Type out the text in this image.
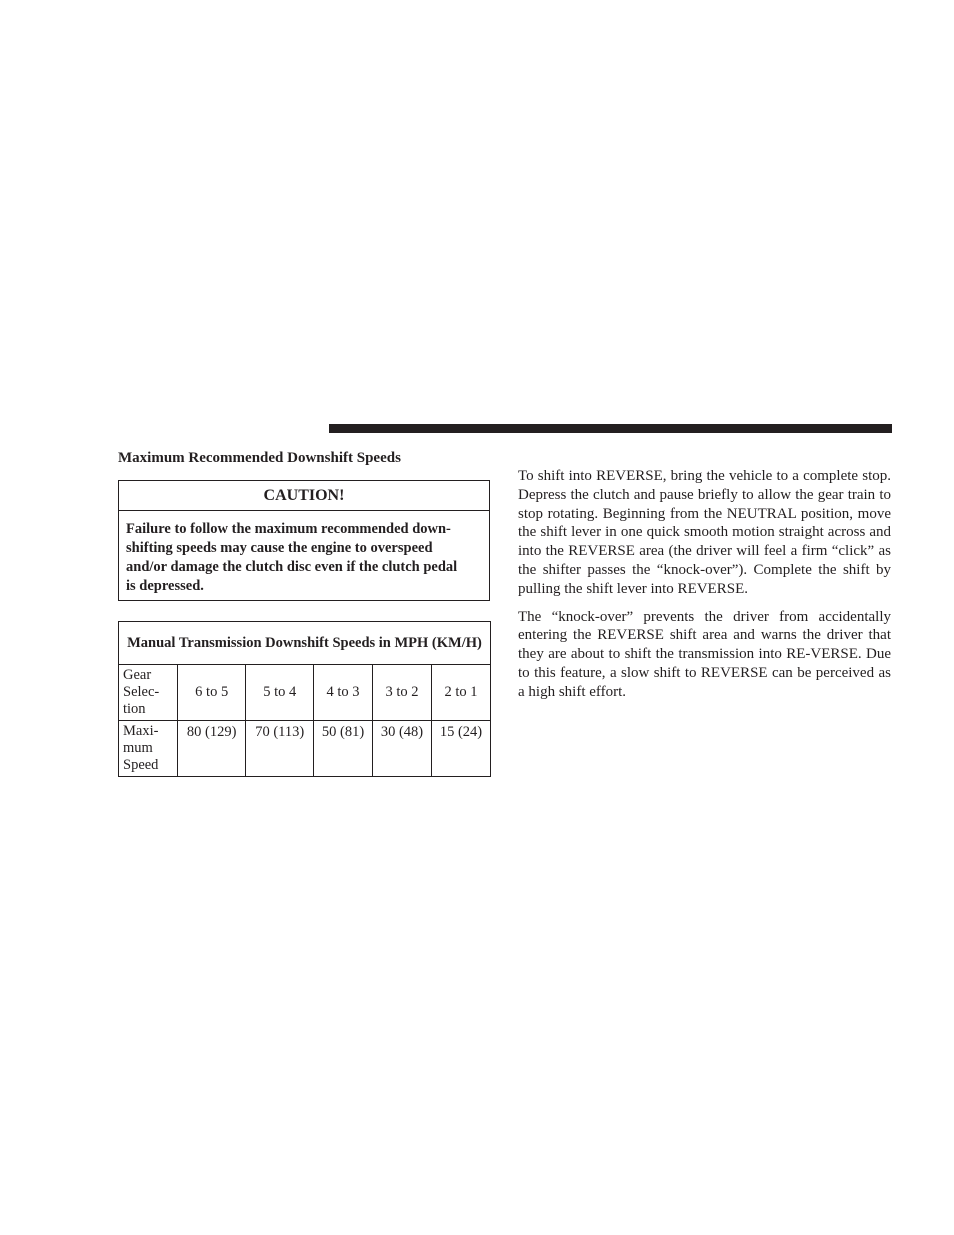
Maximum Recommended Downshift Speeds
CAUTION!
Failure to follow the maximum recommended down-
shifting speeds may cause the engine to overspeed
and/or damage the clutch disc even if the clutch pedal
is depressed.
Manual Transmission Downshift Speeds in MPH (KM/H)					
Gear
Selec-
tion	6 to 5	5 to 4	4 to 3	3 to 2	2 to 1
Maxi-
mum
Speed	80 (129)	70 (113)	50 (81)	30 (48)	15 (24)

To shift into REVERSE, bring the vehicle to a complete stop. Depress the clutch and pause briefly to allow the gear train to stop rotating. Beginning from the NEUTRAL position, move the shift lever in one quick smooth motion straight across and into the REVERSE area (the driver will feel a firm “click” as the shifter passes the “knock-over”). Complete the shift by pulling the shift lever into REVERSE.

The “knock-over” prevents the driver from accidentally entering the REVERSE shift area and warns the driver that they are about to shift the transmission into RE-VERSE. Due to this feature, a slow shift to REVERSE can be perceived as a high shift effort.
